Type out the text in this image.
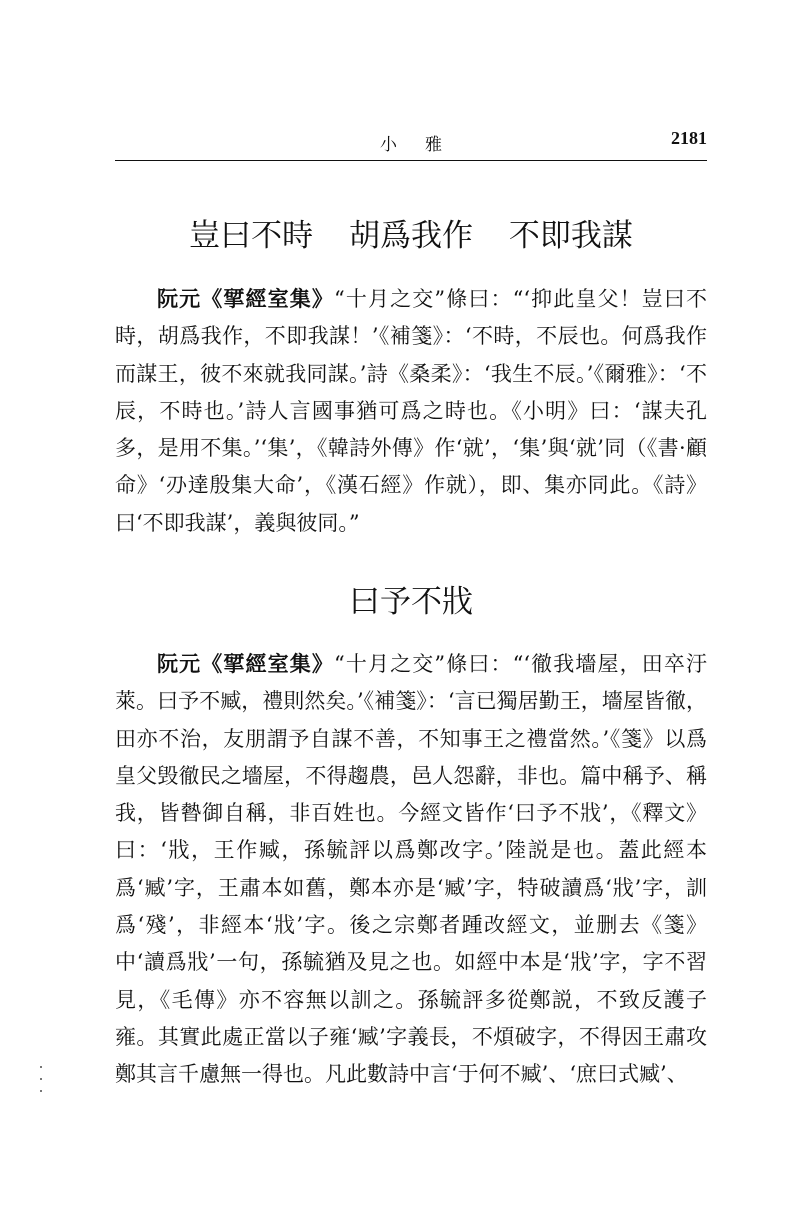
小雅	2181
豈曰不時 胡爲我作 不即我謀

阮元《揅經室集》“十月之交”條曰：“‘抑此皇父！豈曰不時，胡爲我作，不即我謀！’《補箋》：‘不時，不辰也。何爲我作而謀王，彼不來就我同謀。’詩《桑柔》：‘我生不辰。’《爾雅》：‘不辰，不時也。’詩人言國事猶可爲之時也。《小明》曰：‘謀夫孔多，是用不集。’‘集’，《韓詩外傳》作‘就’，‘集’與‘就’同（《書·顧命》‘刅達殷集大命’，《漢石經》作就），即、集亦同此。《詩》曰‘不即我謀’，義與彼同。”

曰予不戕

阮元《揅經室集》“十月之交”條曰：“‘徹我墻屋，田卒汙萊。曰予不臧，禮則然矣。’《補箋》：‘言已獨居勤王，墻屋皆徹，田亦不治，友朋謂予自謀不善，不知事王之禮當然。’《箋》以爲皇父毁徹民之墻屋，不得趨農，邑人怨辭，非也。篇中稱予、稱我，皆暬御自稱，非百姓也。今經文皆作‘曰予不戕’，《釋文》曰：‘戕，王作臧，孫毓評以爲鄭改字。’陸説是也。蓋此經本爲‘臧’字，王肅本如舊，鄭本亦是‘臧’字，特破讀爲‘戕’字，訓爲‘殘’，非經本‘戕’字。後之宗鄭者踵改經文，並删去《箋》中‘讀爲戕’一句，孫毓猶及見之也。如經中本是‘戕’字，字不習見，《毛傳》亦不容無以訓之。孫毓評多從鄭説，不致反護子雍。其實此處正當以子雍‘臧’字義長，不煩破字，不得因王肅攻鄭其言千慮無一得也。凡此數詩中言‘于何不臧’、‘庶曰式臧’、
